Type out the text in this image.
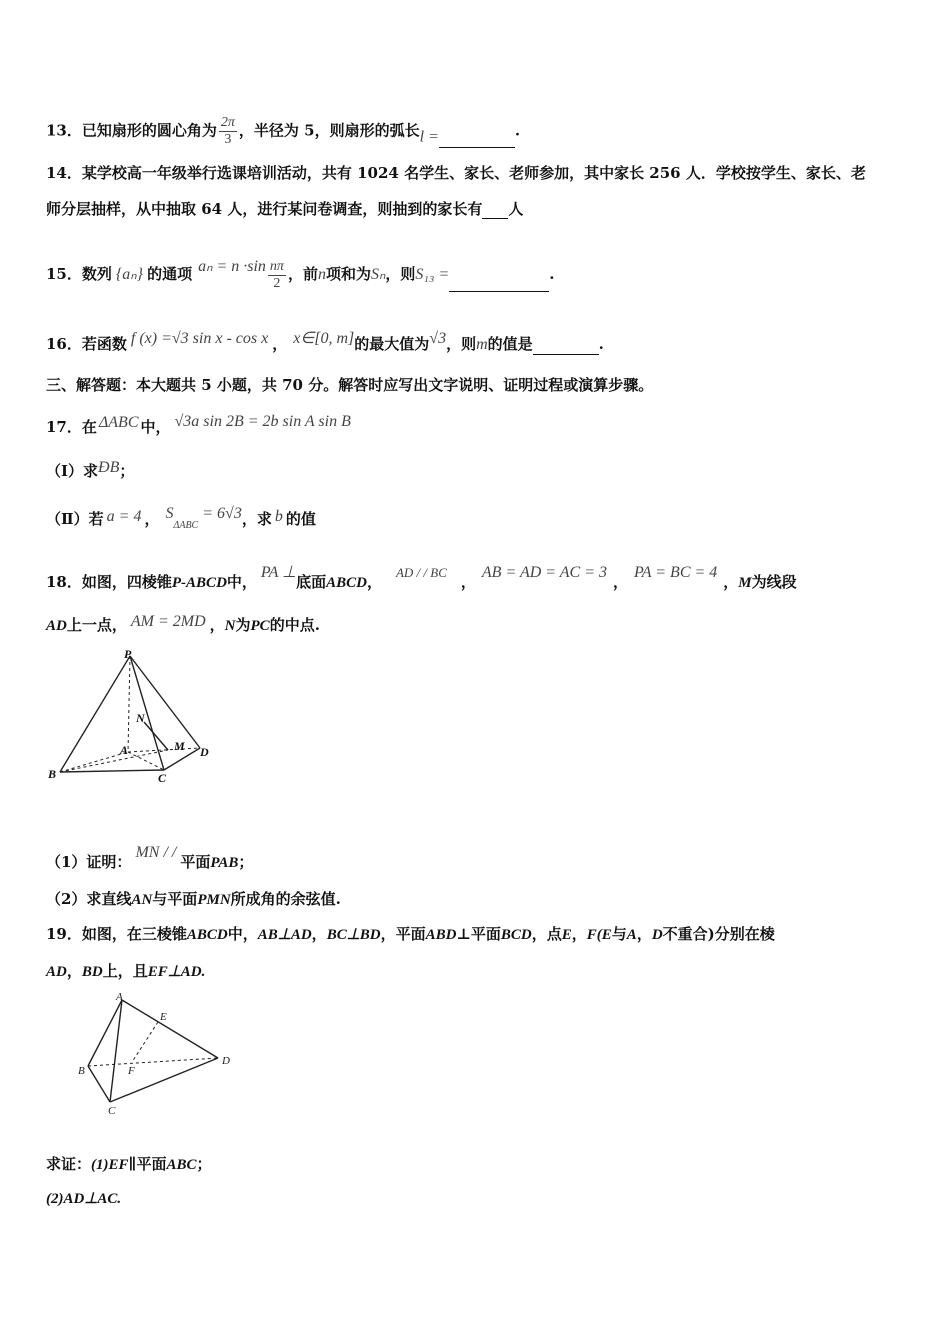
13．已知扇形的圆心角为 $\frac{2\pi}{3}$ ，半径为 5，则扇形的弧长l =	.
14．某学校高一年级举行选课培训活动，共有 1024 名学生、家长、老师参加，其中家长 256 人．学校按学生、家长、老
师分层抽样，从中抽取 64 人，进行某问卷调查，则抽到的家长有 人
15．数列 {aₙ} 的通项 $a_n = n \cdot\sin \frac{n\pi}{2}$ ，前n项和为Sₙ，则S₁₃ =	.
16．若函数 f (x) =√3 sin x - cos x ， x∈[0, m]的最大值为√3，则m的值是	.
三、解答题：本大题共 5 小题，共 70 分。解答时应写出文字说明、证明过程或演算步骤。
17．在 ΔABC 中， √3a sin 2B = 2b sin A sin B
（Ⅰ）求ÐB；
（Ⅱ）若 a = 4 ， $S_{\Delta ABC} = 6√3$，求 b 的值
18．如图，四棱锥P-ABCD中，PA ⊥底面ABCD，AD / / BC，AB = AD = AC = 3，PA = BC = 4，M为线段
AD上一点， AM = 2MD ，N为PC的中点.
P
N
A	M D
B	C
（1）证明：MN / /平面PAB；
（2）求直线AN与平面PMN所成角的余弦值.
19．如图，在三棱锥ABCD中，AB⊥AD，BC⊥BD，平面ABD⊥平面BCD，点E，F(E与A，D不重合)分别在棱
AD，BD上，且EF⊥AD.
A
E
B	F
D
C
求证：(1)EF∥平面ABC；
(2)AD⊥AC.
